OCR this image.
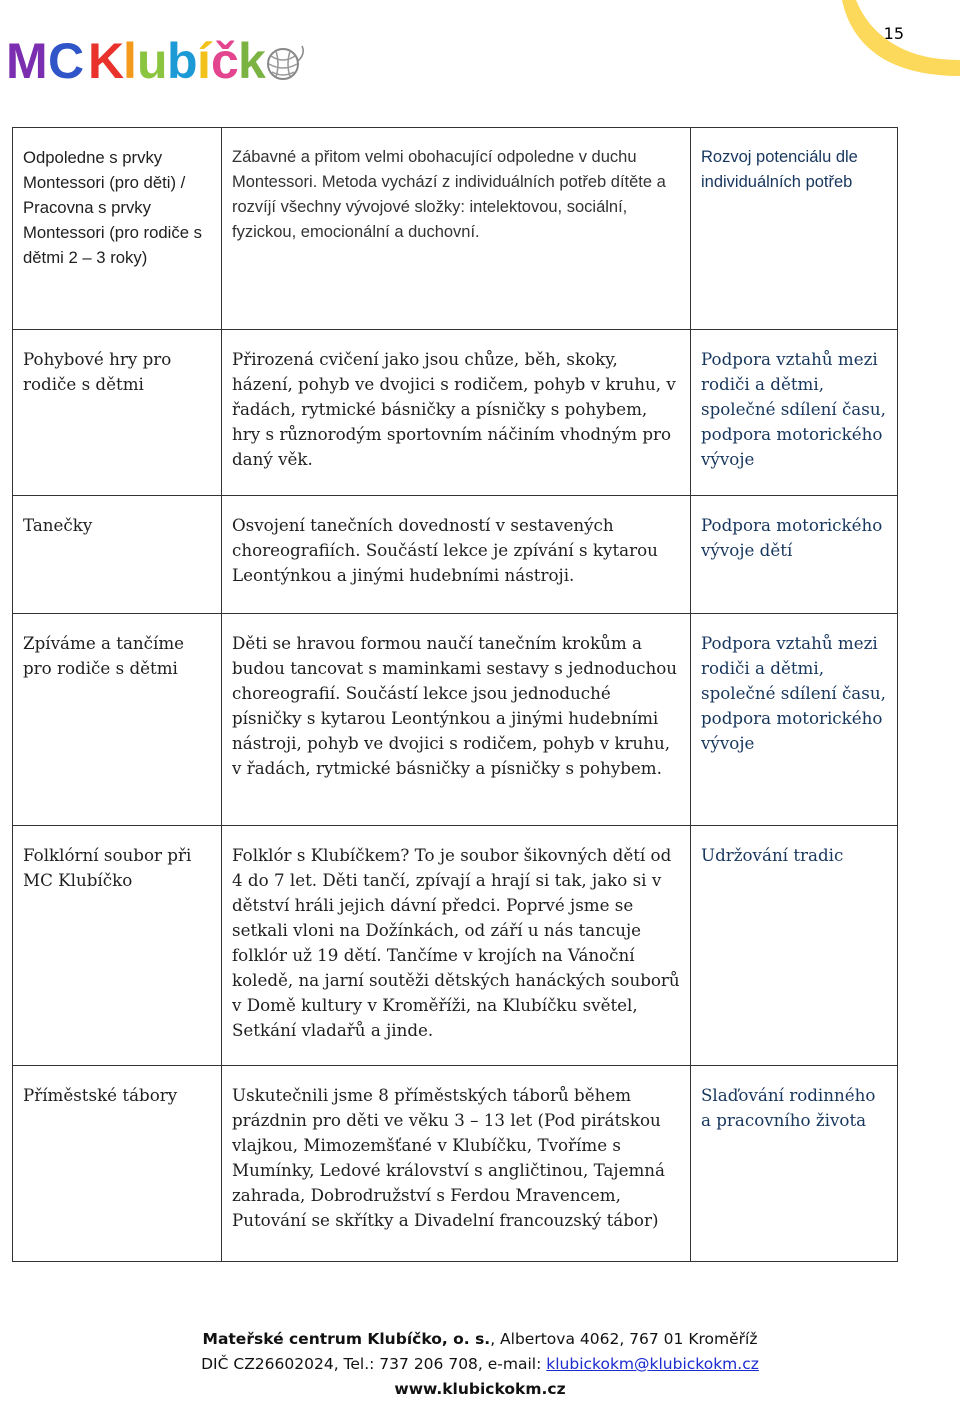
M C K
l u b í č k	15
Odpoledne s prvky Montessori (pro děti) / Pracovna s prvky Montessori (pro rodiče s dětmi 2 – 3 roky)	Zábavné a přitom velmi obohacující odpoledne v duchu Montessori. Metoda vychází z individuálních potřeb dítěte a rozvíjí všechny vývojové složky: intelektovou, sociální, fyzickou, emocionální a duchovní.	Rozvoj potenciálu dle individuálních potřeb
Pohybové hry pro rodiče s dětmi	Přirozená cvičení jako jsou chůze, běh, skoky, házení, pohyb ve dvojici s rodičem, pohyb v kruhu, v řadách, rytmické básničky a písničky s pohybem, hry s různorodým sportovním náčiním vhodným pro daný věk.	Podpora vztahů mezi rodiči a dětmi, společné sdílení času, podpora motorického vývoje
Tanečky	Osvojení tanečních dovedností v sestavených choreografiích. Součástí lekce je zpívání s kytarou Leontýnkou a jinými hudebními nástroji.	Podpora motorického vývoje dětí
Zpíváme a tančíme pro rodiče s dětmi	Děti se hravou formou naučí tanečním krokům a budou tancovat s maminkami sestavy s jednoduchou choreografií. Součástí lekce jsou jednoduché písničky s kytarou Leontýnkou a jinými hudebními nástroji, pohyb ve dvojici s rodičem, pohyb v kruhu, v řadách, rytmické básničky a písničky s pohybem.	Podpora vztahů mezi rodiči a dětmi, společné sdílení času, podpora motorického vývoje
Folklórní soubor při MC Klubíčko	Folklór s Klubíčkem? To je soubor šikovných dětí od 4 do 7 let. Děti tančí, zpívají a hrají si tak, jako si v dětství hráli jejich dávní předci. Poprvé jsme se setkali vloni na Dožínkách, od září u nás tancuje folklór už 19 dětí. Tančíme v krojích na Vánoční koledě, na jarní soutěži dětských hanáckých souborů v Domě kultury v Kroměříži, na Klubíčku světel, Setkání vladařů a jinde.	Udržování tradic
Příměstské tábory	Uskutečnili jsme 8 příměstských táborů během prázdnin pro děti ve věku 3 – 13 let (Pod pirátskou vlajkou, Mimozemšťané v Klubíčku, Tvoříme s Mumínky, Ledové království s angličtinou, Tajemná zahrada, Dobrodružství s Ferdou Mravencem, Putování se skřítky a Divadelní francouzský tábor)	Slaďování rodinného a pracovního života
Mateřské centrum Klubíčko, o. s., Albertova 4062, 767 01 Kroměříž
DIČ CZ26602024, Tel.: 737 206 708, e-mail: klubickokm@klubickokm.cz
www.klubickokm.cz
